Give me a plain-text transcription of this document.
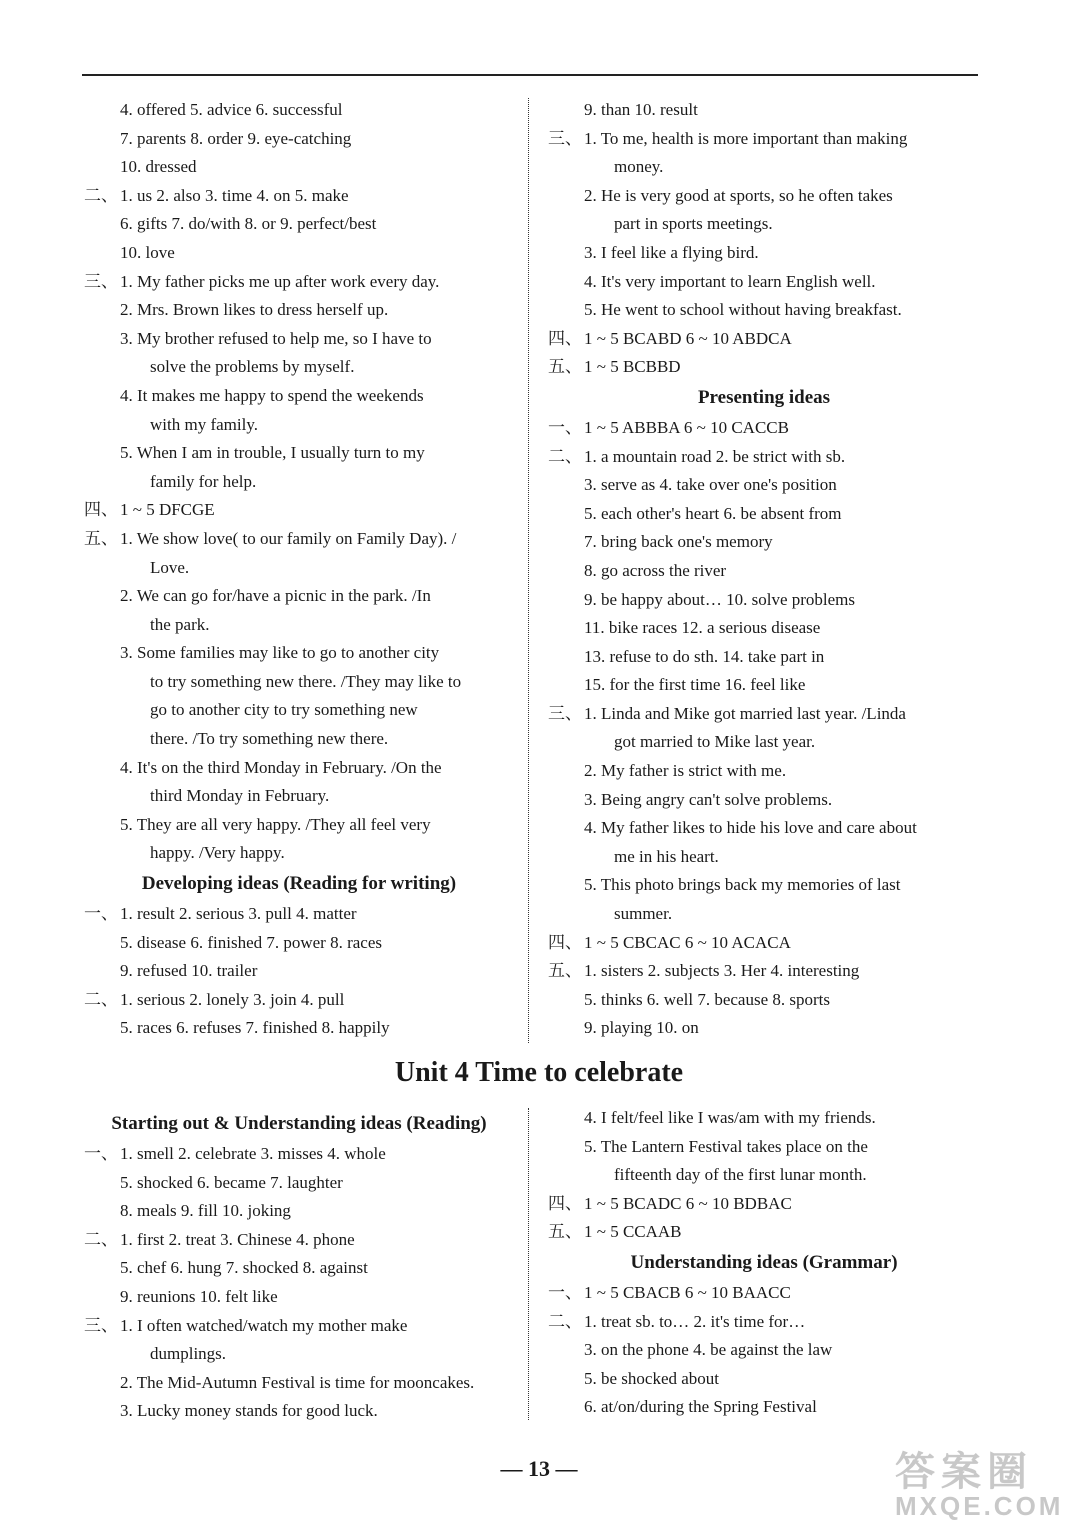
4. offered 5. advice 6. successful
7. parents 8. order 9. eye-catching
10. dressed
二、 1. us 2. also 3. time 4. on 5. make
6. gifts 7. do/with 8. or 9. perfect/best
10. love
三、 1. My father picks me up after work every day.
2. Mrs. Brown likes to dress herself up.
3. My brother refused to help me, so I have to
solve the problems by myself.
4. It makes me happy to spend the weekends
with my family.
5. When I am in trouble, I usually turn to my
family for help.
四、 1 ~ 5 DFCGE
五、 1. We show love( to our family on Family Day). /
Love.
2. We can go for/have a picnic in the park. /In
the park.
3. Some families may like to go to another city
to try something new there. /They may like to
go to another city to try something new
there. /To try something new there.
4. It's on the third Monday in February. /On the
third Monday in February.
5. They are all very happy. /They all feel very
happy. /Very happy.
Developing ideas (Reading for writing)
一、 1. result 2. serious 3. pull 4. matter
5. disease 6. finished 7. power 8. races
9. refused 10. trailer
二、 1. serious 2. lonely 3. join 4. pull
5. races 6. refuses 7. finished 8. happily
9. than 10. result
三、 1. To me, health is more important than making
money.
2. He is very good at sports, so he often takes
part in sports meetings.
3. I feel like a flying bird.
4. It's very important to learn English well.
5. He went to school without having breakfast.
四、 1 ~ 5 BCABD 6 ~ 10 ABDCA
五、 1 ~ 5 BCBBD
Presenting ideas
一、 1 ~ 5 ABBBA 6 ~ 10 CACCB
二、 1. a mountain road 2. be strict with sb.
3. serve as 4. take over one's position
5. each other's heart 6. be absent from
7. bring back one's memory
8. go across the river
9. be happy about… 10. solve problems
11. bike races 12. a serious disease
13. refuse to do sth. 14. take part in
15. for the first time 16. feel like
三、 1. Linda and Mike got married last year. /Linda
got married to Mike last year.
2. My father is strict with me.
3. Being angry can't solve problems.
4. My father likes to hide his love and care about
me in his heart.
5. This photo brings back my memories of last
summer.
四、 1 ~ 5 CBCAC 6 ~ 10 ACACA
五、 1. sisters 2. subjects 3. Her 4. interesting
5. thinks 6. well 7. because 8. sports
9. playing 10. on
Unit 4 Time to celebrate
Starting out & Understanding ideas (Reading)
一、 1. smell 2. celebrate 3. misses 4. whole
5. shocked 6. became 7. laughter
8. meals 9. fill 10. joking
二、 1. first 2. treat 3. Chinese 4. phone
5. chef 6. hung 7. shocked 8. against
9. reunions 10. felt like
三、 1. I often watched/watch my mother make
dumplings.
2. The Mid-Autumn Festival is time for mooncakes.
3. Lucky money stands for good luck.
4. I felt/feel like I was/am with my friends.
5. The Lantern Festival takes place on the
fifteenth day of the first lunar month.
四、 1 ~ 5 BCADC 6 ~ 10 BDBAC
五、 1 ~ 5 CCAAB
Understanding ideas (Grammar)
一、 1 ~ 5 CBACB 6 ~ 10 BAACC
二、 1. treat sb. to… 2. it's time for…
3. on the phone 4. be against the law
5. be shocked about
6. at/on/during the Spring Festival
— 13 —	答案圈
MXQE.COM
